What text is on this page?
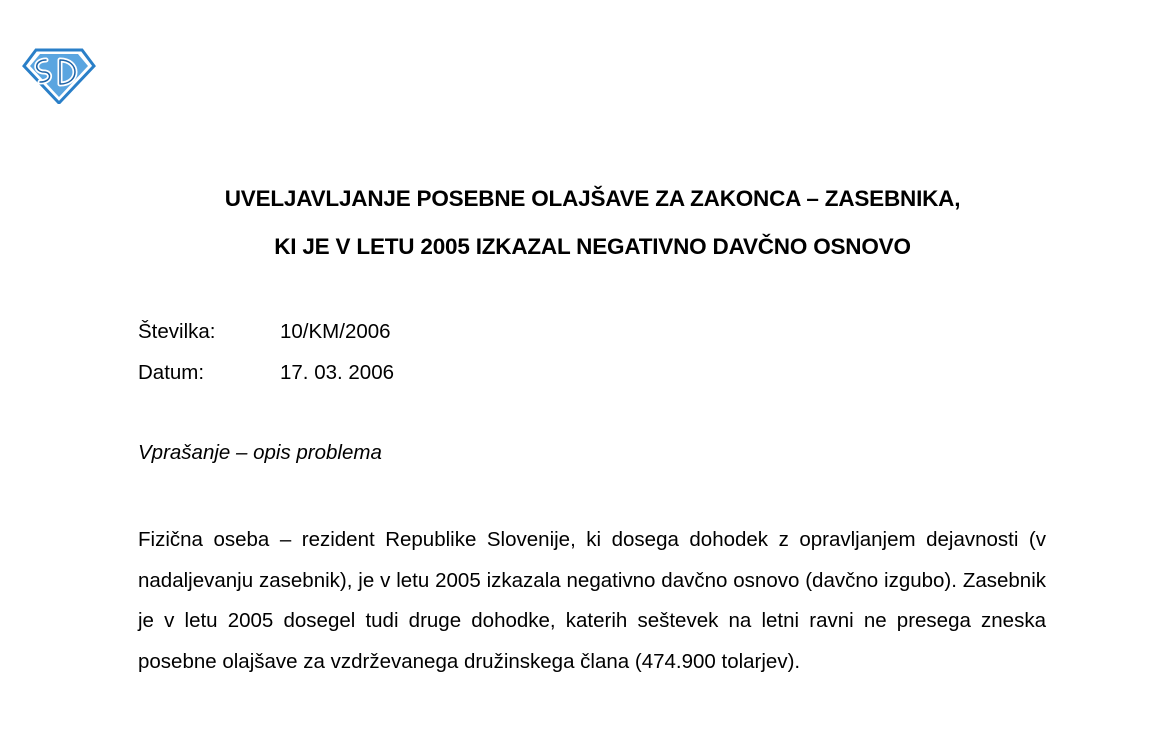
UVELJAVLJANJE POSEBNE OLAJŠAVE ZA ZAKONCA – ZASEBNIKA,
KI JE V LETU 2005 IZKAZAL NEGATIVNO DAVČNO OSNOVO
Številka:	10/KM/2006
Datum:	17. 03. 2006
Vprašanje – opis problema
Fizična oseba – rezident Republike Slovenije, ki dosega dohodek z opravljanjem dejavnosti (v nadaljevanju zasebnik), je v letu 2005 izkazala negativno davčno osnovo (davčno izgubo). Zasebnik je v letu 2005 dosegel tudi druge dohodke, katerih seštevek na letni ravni ne presega zneska posebne olajšave za vzdrževanega družinskega člana (474.900 tolarjev).
